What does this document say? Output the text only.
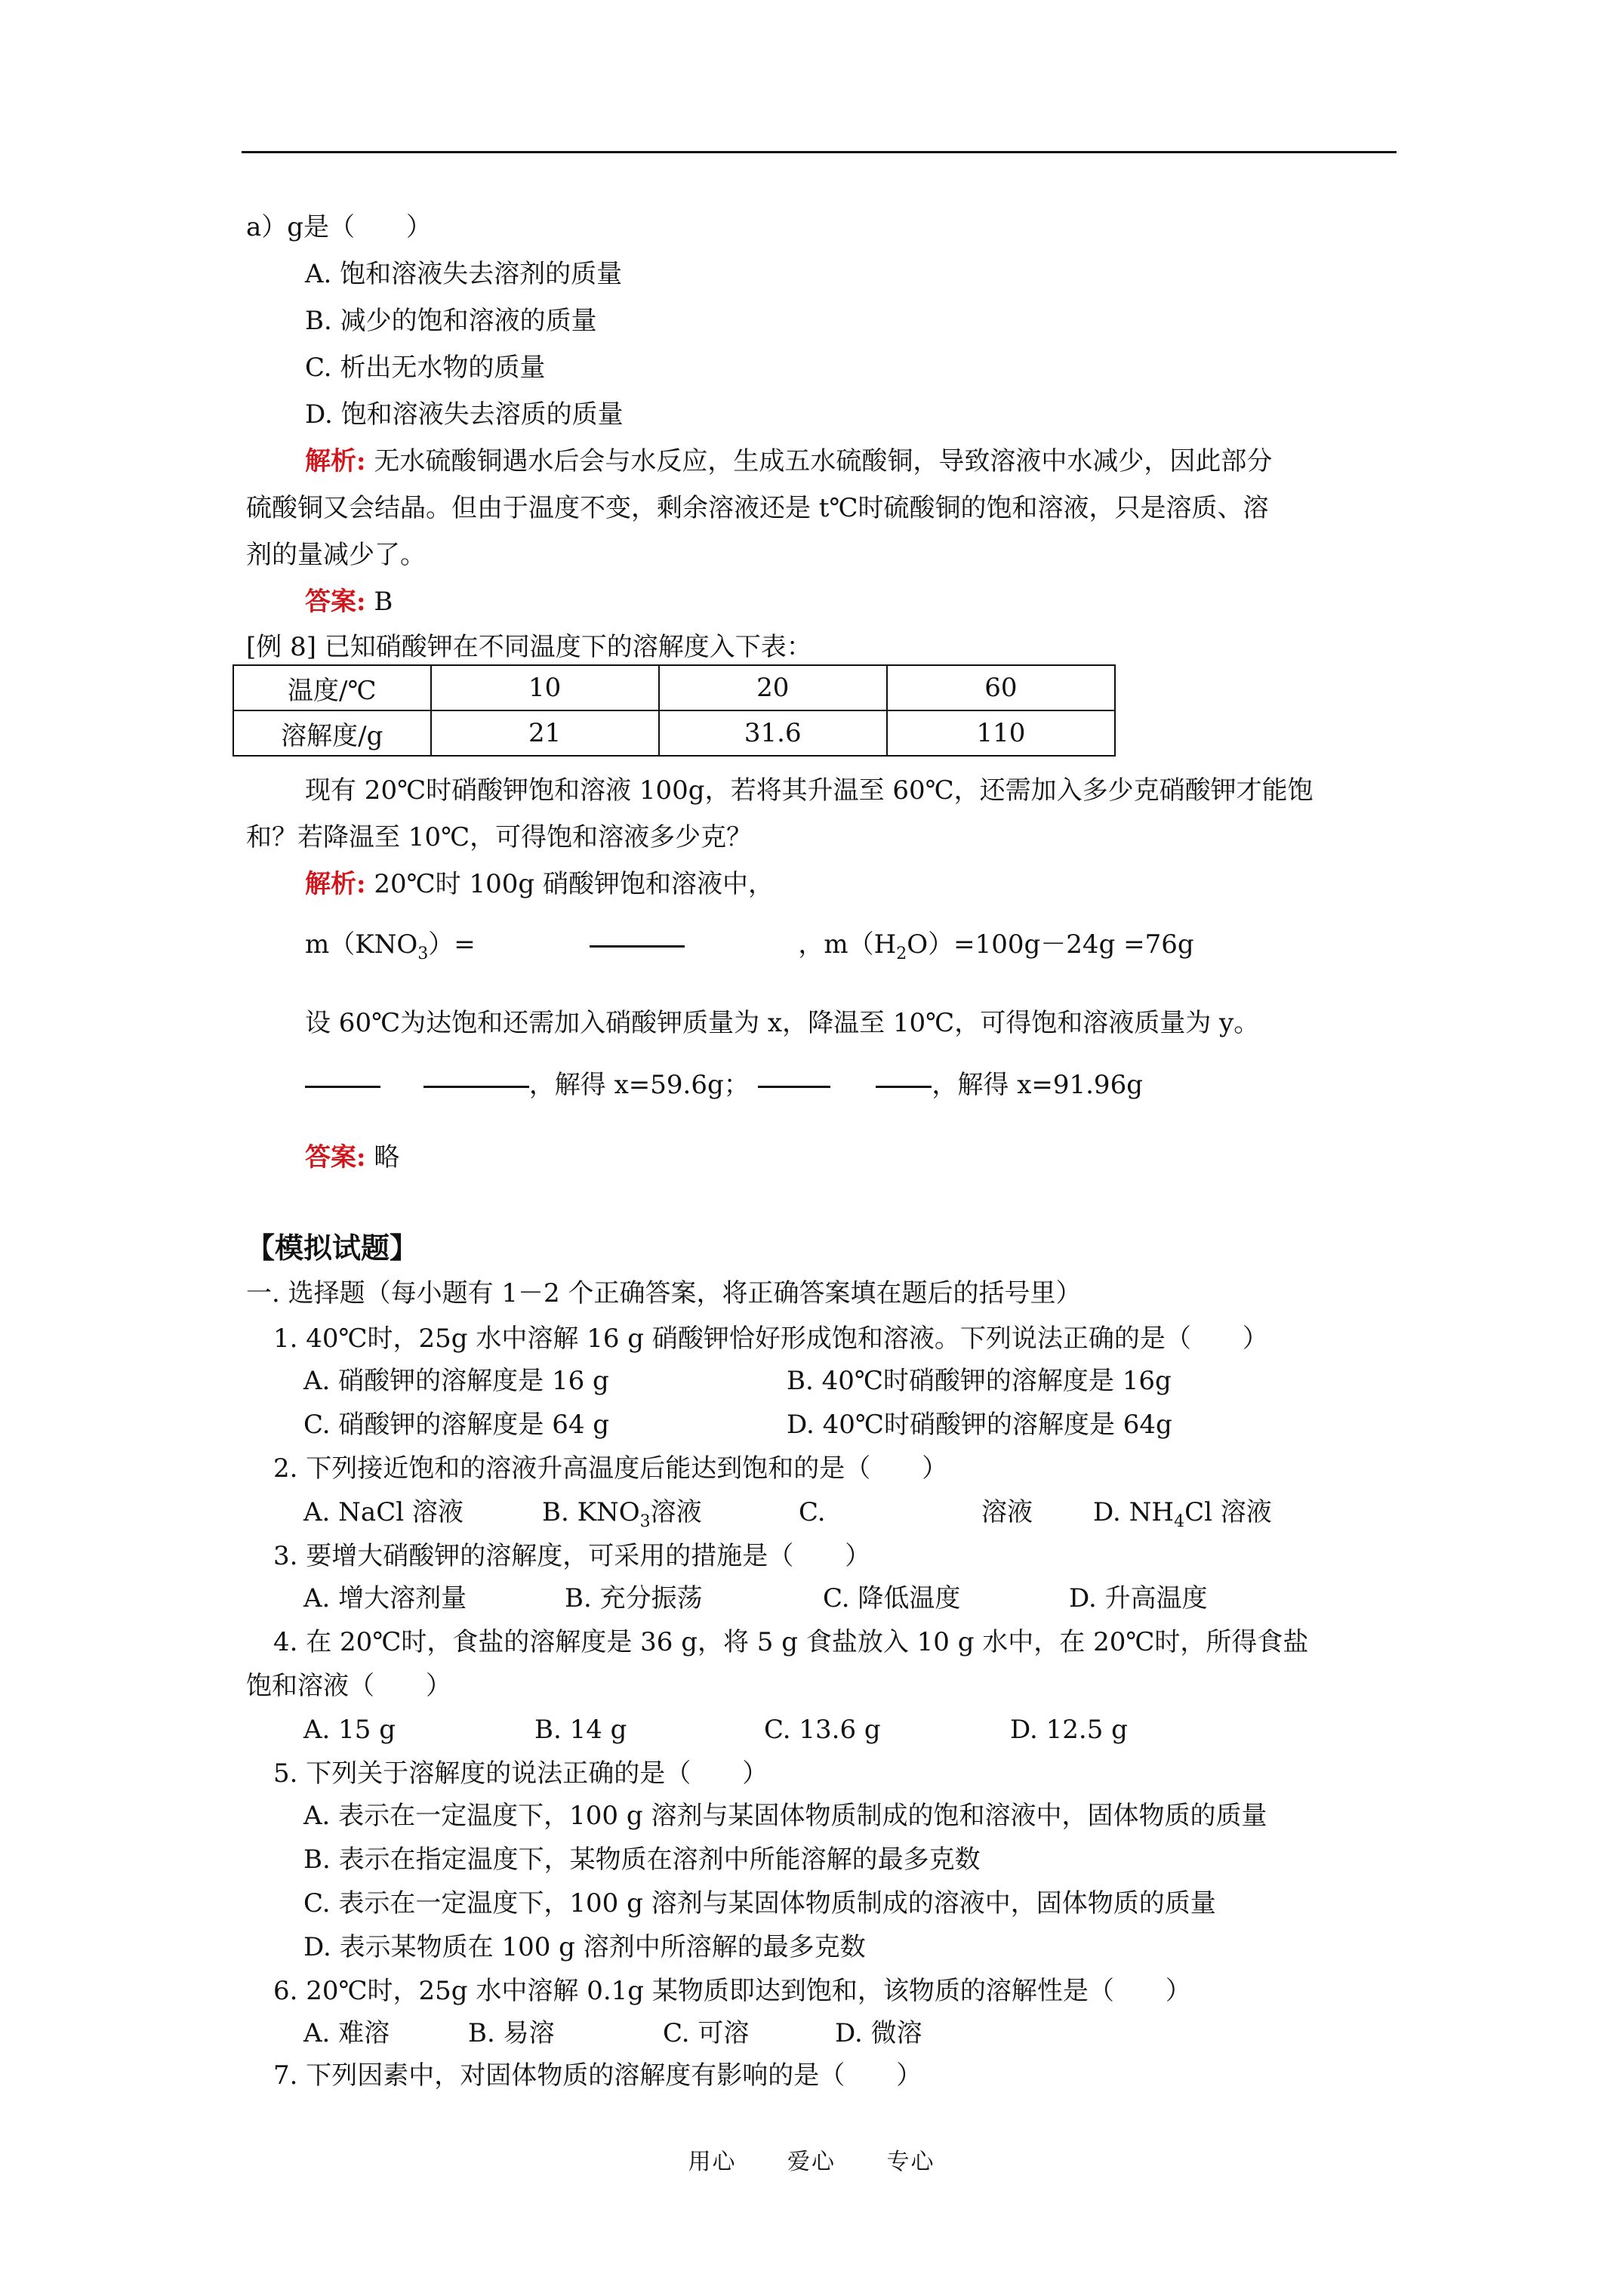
a）g是（　　）
A. 饱和溶液失去溶剂的质量
B. 减少的饱和溶液的质量
C. 析出无水物的质量
D. 饱和溶液失去溶质的质量
解析: 无水硫酸铜遇水后会与水反应，生成五水硫酸铜，导致溶液中水减少，因此部分
硫酸铜又会结晶。但由于温度不变，剩余溶液还是 t℃时硫酸铜的饱和溶液，只是溶质、溶
剂的量减少了。
答案: B
[例 8] 已知硝酸钾在不同温度下的溶解度入下表：
温度/℃	10	20	60
溶解度/g	21	31.6	110
现有 20℃时硝酸钾饱和溶液 100g，若将其升温至 60℃，还需加入多少克硝酸钾才能饱
和？若降温至 10℃，可得饱和溶液多少克？
解析: 20℃时 100g 硝酸钾饱和溶液中，
$m(KNO_3)=$	，$m(H_2O)=100g-24g =76g$
设 60℃为达饱和还需加入硝酸钾质量为 x，降温至 10℃，可得饱和溶液质量为 y。
，解得 x=59.6g；	，解得 x=91.96g
答案: 略
【模拟试题】
一. 选择题（每小题有 1－2 个正确答案，将正确答案填在题后的括号里）
1. 40℃时，25g 水中溶解 16 g 硝酸钾恰好形成饱和溶液。下列说法正确的是（　　）
A. 硝酸钾的溶解度是 16 g	B. 40℃时硝酸钾的溶解度是 16g
C. 硝酸钾的溶解度是 64 g	D. 40℃时硝酸钾的溶解度是 64g
2. 下列接近饱和的溶液升高温度后能达到饱和的是（　　）
A. NaCl 溶液	B. $KNO_3$溶液	C.	溶液 D. $NH_4Cl$ 溶液
3. 要增大硝酸钾的溶解度，可采用的措施是（　　）
A. 增大溶剂量	B. 充分振荡	C. 降低温度	D. 升高温度
4. 在 20℃时，食盐的溶解度是 36 g，将 5 g 食盐放入 10 g 水中，在 20℃时，所得食盐
饱和溶液（　　）
A. 15 g	B. 14 g	C. 13.6 g	D. 12.5 g
5. 下列关于溶解度的说法正确的是（　　）
A. 表示在一定温度下，100 g 溶剂与某固体物质制成的饱和溶液中，固体物质的质量
B. 表示在指定温度下，某物质在溶剂中所能溶解的最多克数
C. 表示在一定温度下，100 g 溶剂与某固体物质制成的溶液中，固体物质的质量
D. 表示某物质在 100 g 溶剂中所溶解的最多克数
6. 20℃时，25g 水中溶解 0.1g 某物质即达到饱和，该物质的溶解性是（　　）
A. 难溶	B. 易溶	C. 可溶	D. 微溶
7. 下列因素中，对固体物质的溶解度有影响的是（　　）
用心 爱心 专心
